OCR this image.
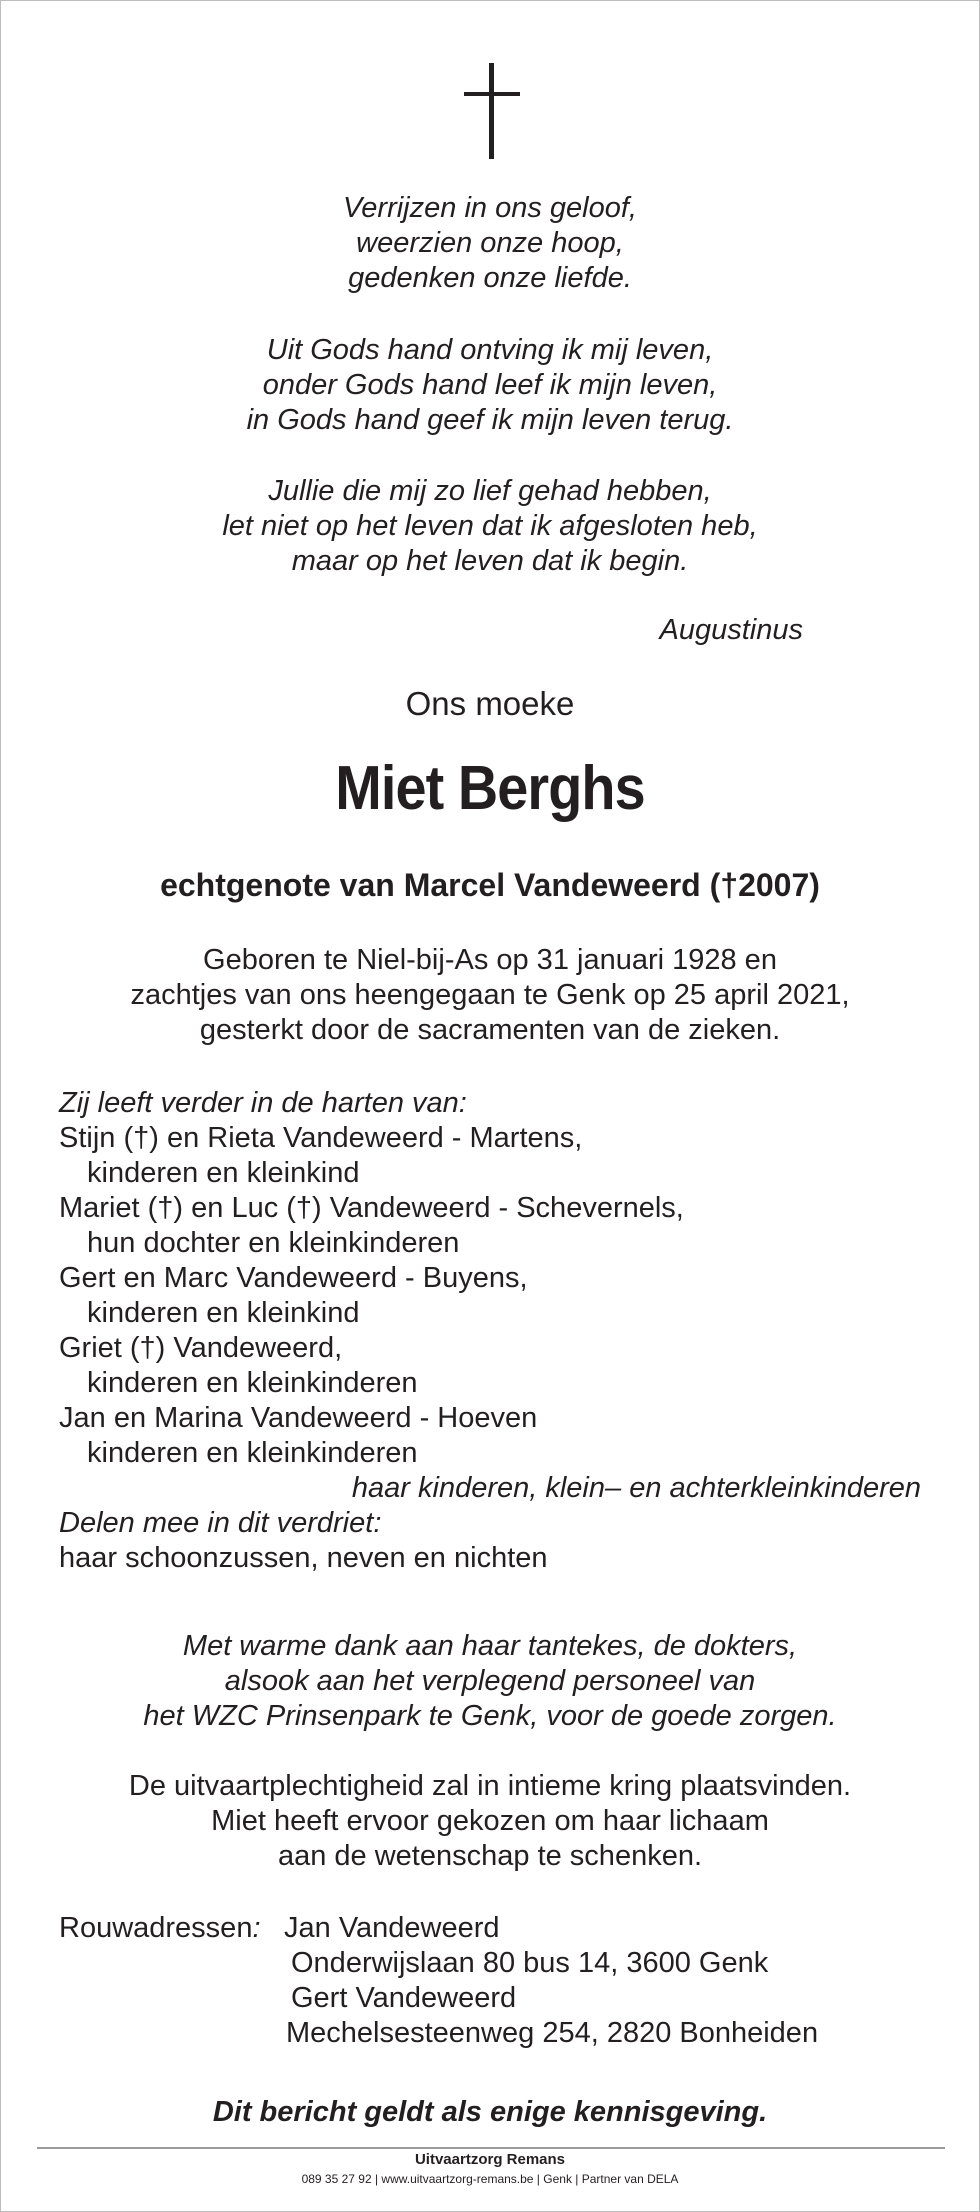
Verrijzen in ons geloof,
weerzien onze hoop,
gedenken onze liefde.
Uit Gods hand ontving ik mij leven,
onder Gods hand leef ik mijn leven,
in Gods hand geef ik mijn leven terug.
Jullie die mij zo lief gehad hebben,
let niet op het leven dat ik afgesloten heb,
maar op het leven dat ik begin.
Augustinus
Ons moeke
Miet Berghs
echtgenote van Marcel Vandeweerd (†2007)
Geboren te Niel-bij-As op 31 januari 1928 en
zachtjes van ons heengegaan te Genk op 25 april 2021,
gesterkt door de sacramenten van de zieken.
Zij leeft verder in de harten van:
Stijn (†) en Rieta Vandeweerd - Martens,
kinderen en kleinkind
Mariet (†) en Luc (†) Vandeweerd - Schevernels,
hun dochter en kleinkinderen
Gert en Marc Vandeweerd - Buyens,
kinderen en kleinkind
Griet (†) Vandeweerd,
kinderen en kleinkinderen
Jan en Marina Vandeweerd - Hoeven
kinderen en kleinkinderen
haar kinderen, klein– en achterkleinkinderen
Delen mee in dit verdriet:
haar schoonzussen, neven en nichten
Met warme dank aan haar tantekes, de dokters,
alsook aan het verplegend personeel van
het WZC Prinsenpark te Genk, voor de goede zorgen.
De uitvaartplechtigheid zal in intieme kring plaatsvinden.
Miet heeft ervoor gekozen om haar lichaam
aan de wetenschap te schenken.
Rouwadressen: Jan Vandeweerd
Onderwijslaan 80 bus 14, 3600 Genk
Gert Vandeweerd
Mechelsesteenweg 254, 2820 Bonheiden
Dit bericht geldt als enige kennisgeving.
Uitvaartzorg Remans
089 35 27 92 | www.uitvaartzorg-remans.be | Genk | Partner van DELA
